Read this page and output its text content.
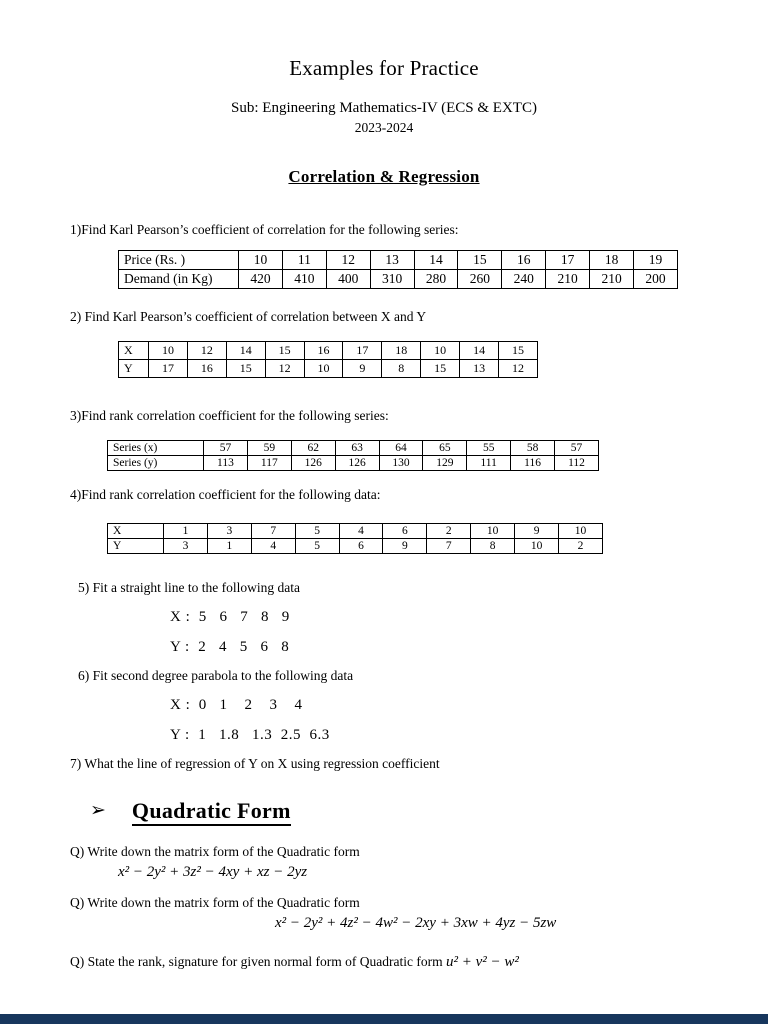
Examples for Practice
Sub: Engineering Mathematics-IV (ECS & EXTC)
2023-2024
Correlation & Regression
1)Find Karl Pearson’s coefficient of correlation for the following series:
Price (Rs. )	10	11	12	13	14	15	16	17	18	19
Demand (in Kg)	420	410	400	310	280	260	240	210	210	200
2) Find Karl Pearson’s coefficient of correlation between X and Y
X	10	12	14	15	16	17	18	10	14	15
Y	17	16	15	12	10	9	8	15	13	12
3)Find rank correlation coefficient for the following series:
Series (x)	57	59	62	63	64	65	55	58	57
Series (y)	113	117	126	126	130	129	111	116	112
4)Find rank correlation coefficient for the following data:
X	1	3	7	5	4	6	2	10	9	10
Y	3	1	4	5	6	9	7	8	10	2
5) Fit a straight line to the following data
X :  5   6   7   8   9
Y :  2   4   5   6   8
6) Fit second degree parabola to the following data
X :  0   1    2    3    4
Y :  1   1.8   1.3  2.5  6.3
7) What the line of regression of Y on X using regression coefficient
➢ Quadratic Form
Q) Write down the matrix form of the Quadratic form
x² − 2y² + 3z² − 4xy + xz − 2yz
Q) Write down the matrix form of the Quadratic form
x² − 2y² + 4z² − 4w² − 2xy + 3xw + 4yz − 5zw
Q) State the rank, signature for given normal form of Quadratic form u² + v² − w²
